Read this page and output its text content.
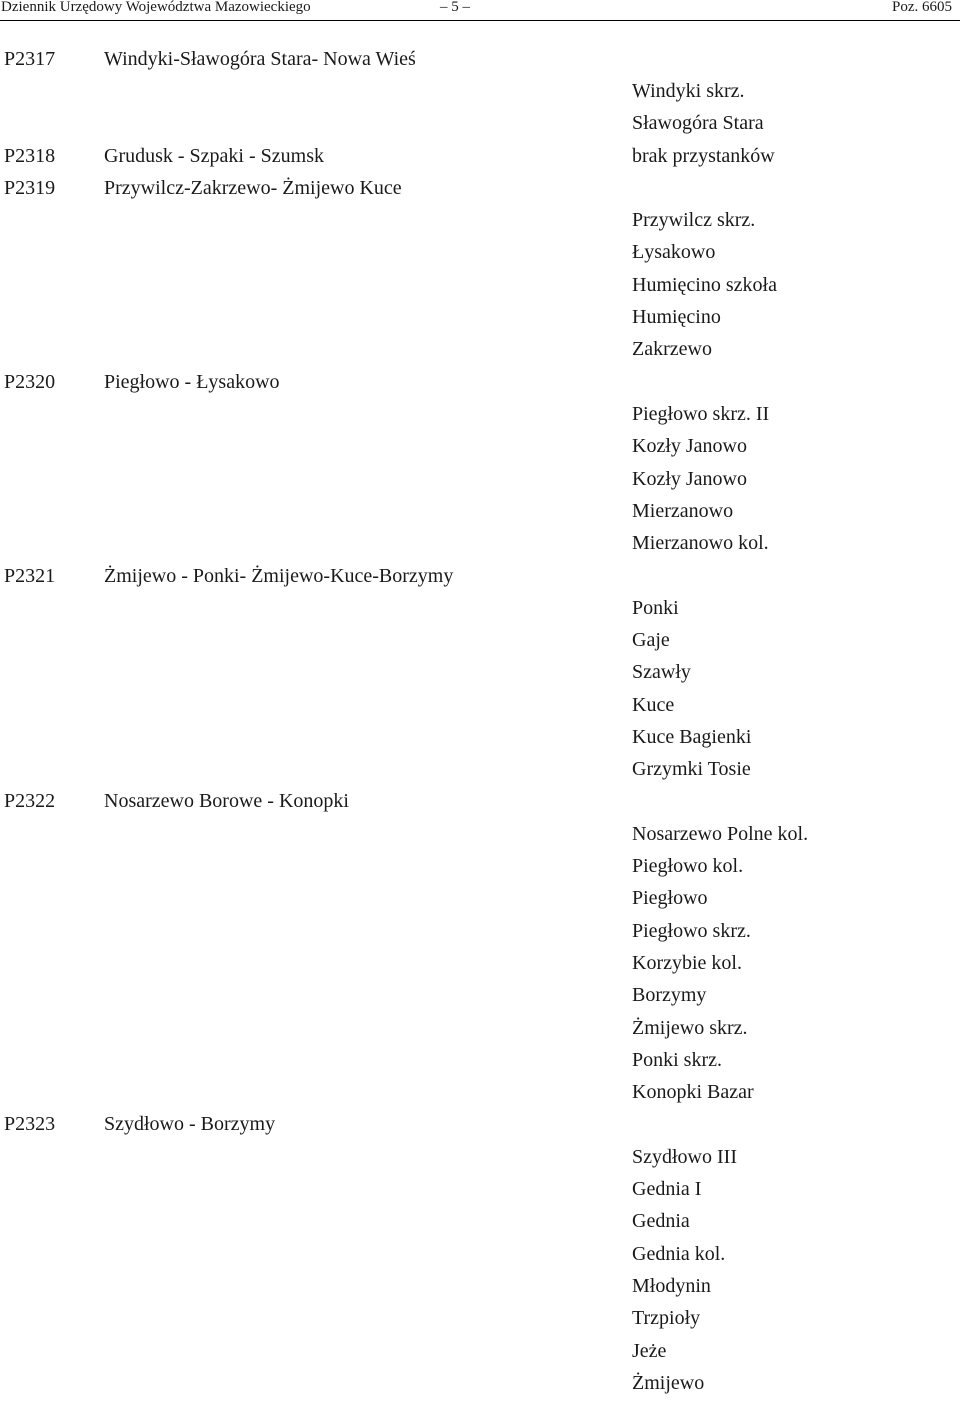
Dziennik Urzędowy Województwa Mazowieckiego	– 5 –	Poz. 6605
P2317 Windyki-Sławogóra Stara- Nowa Wieś
P2318 Grudusk - Szpaki - Szumsk
P2319 Przywilcz-Zakrzewo- Żmijewo Kuce
P2320 Piegłowo - Łysakowo
P2321 Żmijewo - Ponki- Żmijewo-Kuce-Borzymy
P2322 Nosarzewo Borowe - Konopki
P2323 Szydłowo - Borzymy
Windyki skrz.
Sławogóra Stara
brak przystanków
Przywilcz skrz.
Łysakowo
Humięcino szkoła
Humięcino
Zakrzewo
Piegłowo skrz. II
Kozły Janowo
Kozły Janowo
Mierzanowo
Mierzanowo kol.
Ponki
Gaje
Szawły
Kuce
Kuce Bagienki
Grzymki Tosie
Nosarzewo Polne kol.
Piegłowo kol.
Piegłowo
Piegłowo skrz.
Korzybie kol.
Borzymy
Żmijewo skrz.
Ponki skrz.
Konopki Bazar
Szydłowo III
Gednia I
Gednia
Gednia kol.
Młodynin
Trzpioły
Jeże
Żmijewo
